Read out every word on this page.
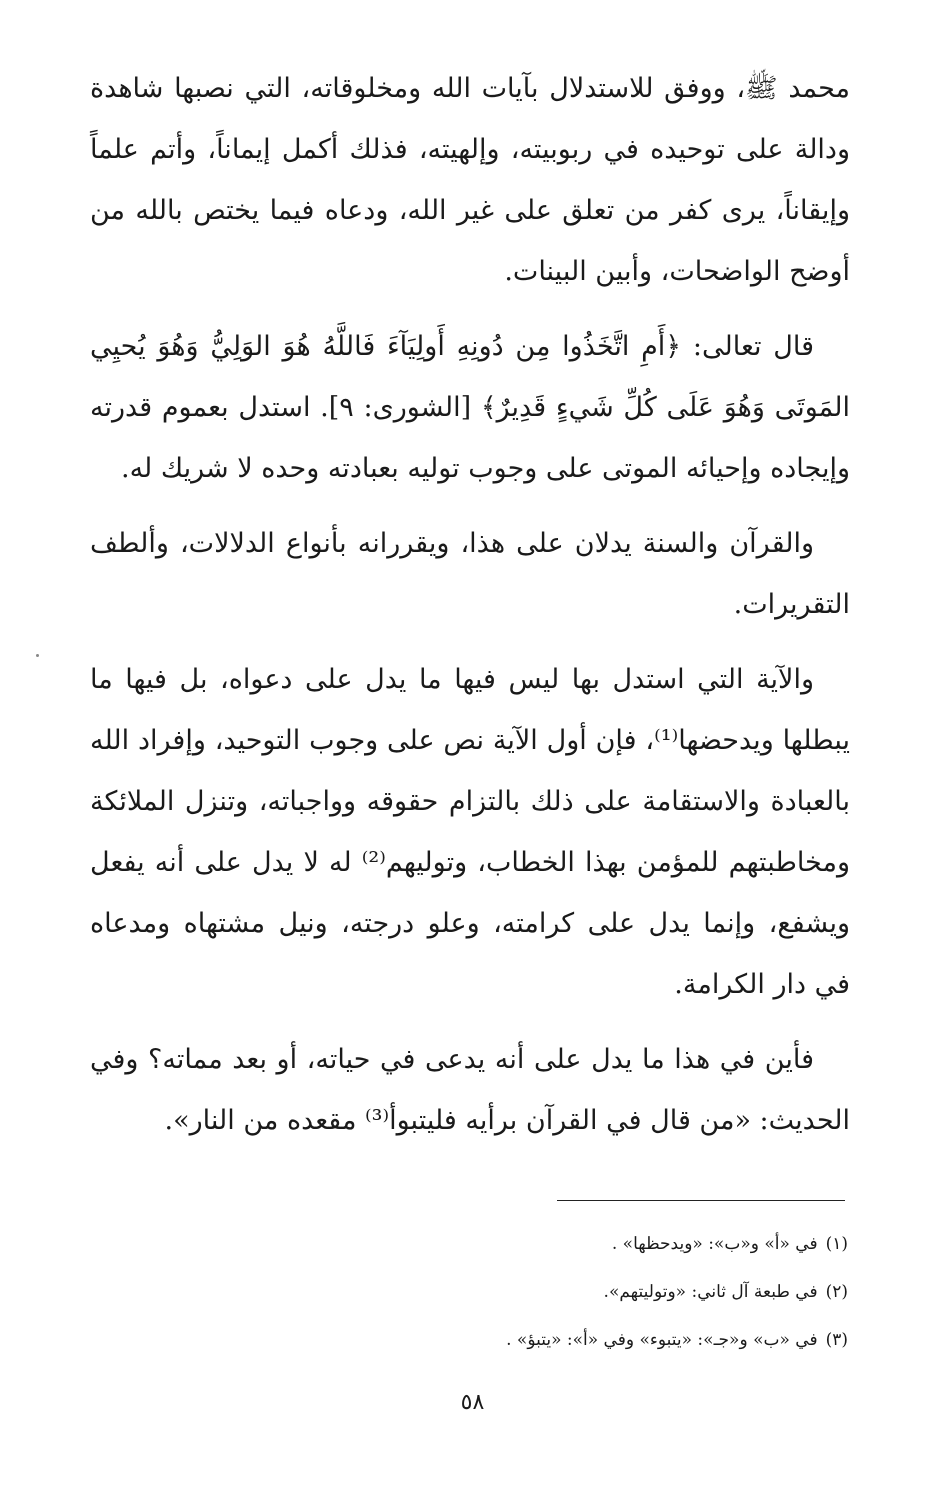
محمد ﷺ، ووفق للاستدلال بآيات الله ومخلوقاته، التي نصبها شاهدة ودالة على توحيده في ربوبيته، وإلهيته، فذلك أكمل إيماناً، وأتم علماً وإيقاناً، يرى كفر من تعلق على غير الله، ودعاه فيما يختص بالله من أوضح الواضحات، وأبين البينات.

قال تعالى: ﴿أَمِ اتَّخَذُوا مِن دُونِهِ أَولِيَآءَ فَاللَّهُ هُوَ الوَلِيُّ وَهُوَ يُحيِي المَوتَى وَهُوَ عَلَى كُلِّ شَيءٍ قَدِيرٌ﴾ [الشورى: ٩]. استدل بعموم قدرته وإيجاده وإحيائه الموتى على وجوب توليه بعبادته وحده لا شريك له.

والقرآن والسنة يدلان على هذا، ويقررانه بأنواع الدلالات، وألطف التقريرات.

والآية التي استدل بها ليس فيها ما يدل على دعواه، بل فيها ما يبطلها ويدحضها⁽¹⁾، فإن أول الآية نص على وجوب التوحيد، وإفراد الله بالعبادة والاستقامة على ذلك بالتزام حقوقه وواجباته، وتنزل الملائكة ومخاطبتهم للمؤمن بهذا الخطاب، وتوليهم⁽²⁾ له لا يدل على أنه يفعل ويشفع، وإنما يدل على كرامته، وعلو درجته، ونيل مشتهاه ومدعاه في دار الكرامة.

فأين في هذا ما يدل على أنه يدعى في حياته، أو بعد مماته؟ وفي الحديث: «من قال في القرآن برأيه فليتبوأ⁽³⁾ مقعده من النار».

(١)في «أ» و«ب»: «ويدحظها» .

(٢)في طبعة آل ثاني: «وتوليتهم».

(٣)في «ب» و«جـ»: «يتبوء» وفي «أ»: «يتبؤ» .

٥٨
